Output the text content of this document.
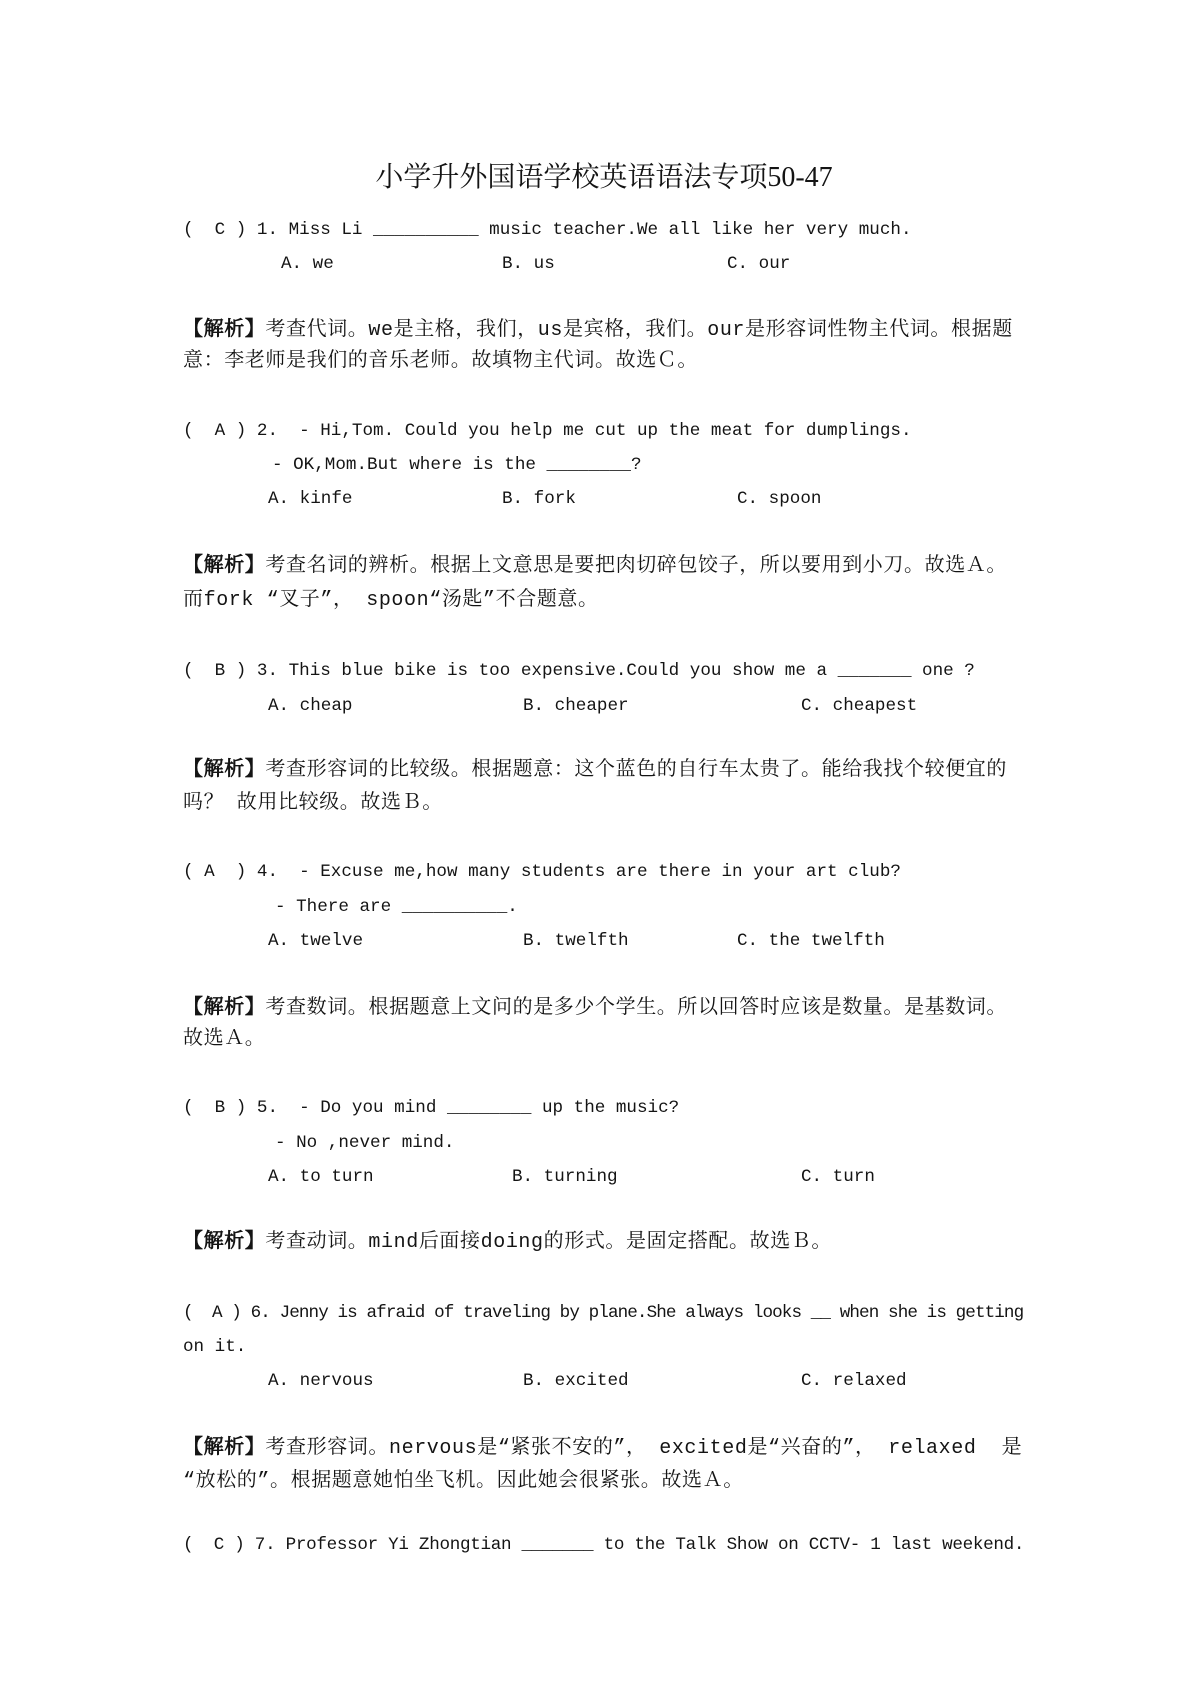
小学升外国语学校英语语法专项50-47
(  C ) 1. Miss Li __________ music teacher.We all like her very much.
A. we	B. us	C. our
【解析】考查代词。we是主格，我们，us是宾格，我们。our是形容词性物主代词。根据题
意：李老师是我们的音乐老师。故填物主代词。故选Ｃ。
(  A ) 2.  - Hi,Tom. Could you help me cut up the meat for dumplings.
- OK,Mom.But where is the ________?
A. kinfe	B. fork	C. spoon
【解析】考查名词的辨析。根据上文意思是要把肉切碎包饺子，所以要用到小刀。故选Ａ。
而fork “叉子”， spoon“汤匙”不合题意。
(  B ) 3. This blue bike is too expensive.Could you show me a _______ one ?
A. cheap	B. cheaper	C. cheapest
【解析】考查形容词的比较级。根据题意：这个蓝色的自行车太贵了。能给我找个较便宜的
吗？ 故用比较级。故选Ｂ。
( A  ) 4.  - Excuse me,how many students are there in your art club?
- There are __________.
A. twelve	B. twelfth	C. the twelfth
【解析】考查数词。根据题意上文问的是多少个学生。所以回答时应该是数量。是基数词。
故选Ａ。
(  B ) 5.  - Do you mind ________ up the music?
- No ,never mind.
A. to turn	B. turning	C. turn
【解析】考查动词。mind后面接doing的形式。是固定搭配。故选Ｂ。
(  A ) 6. Jenny is afraid of traveling by plane.She always looks __ when she is getting
on it.
A. nervous	B. excited	C. relaxed
【解析】考查形容词。nervous是“紧张不安的”， excited是“兴奋的”， relaxed  是
“放松的”。根据题意她怕坐飞机。因此她会很紧张。故选Ａ。
(  C ) 7. Professor Yi Zhongtian _______ to the Talk Show on CCTV- 1 last weekend.
